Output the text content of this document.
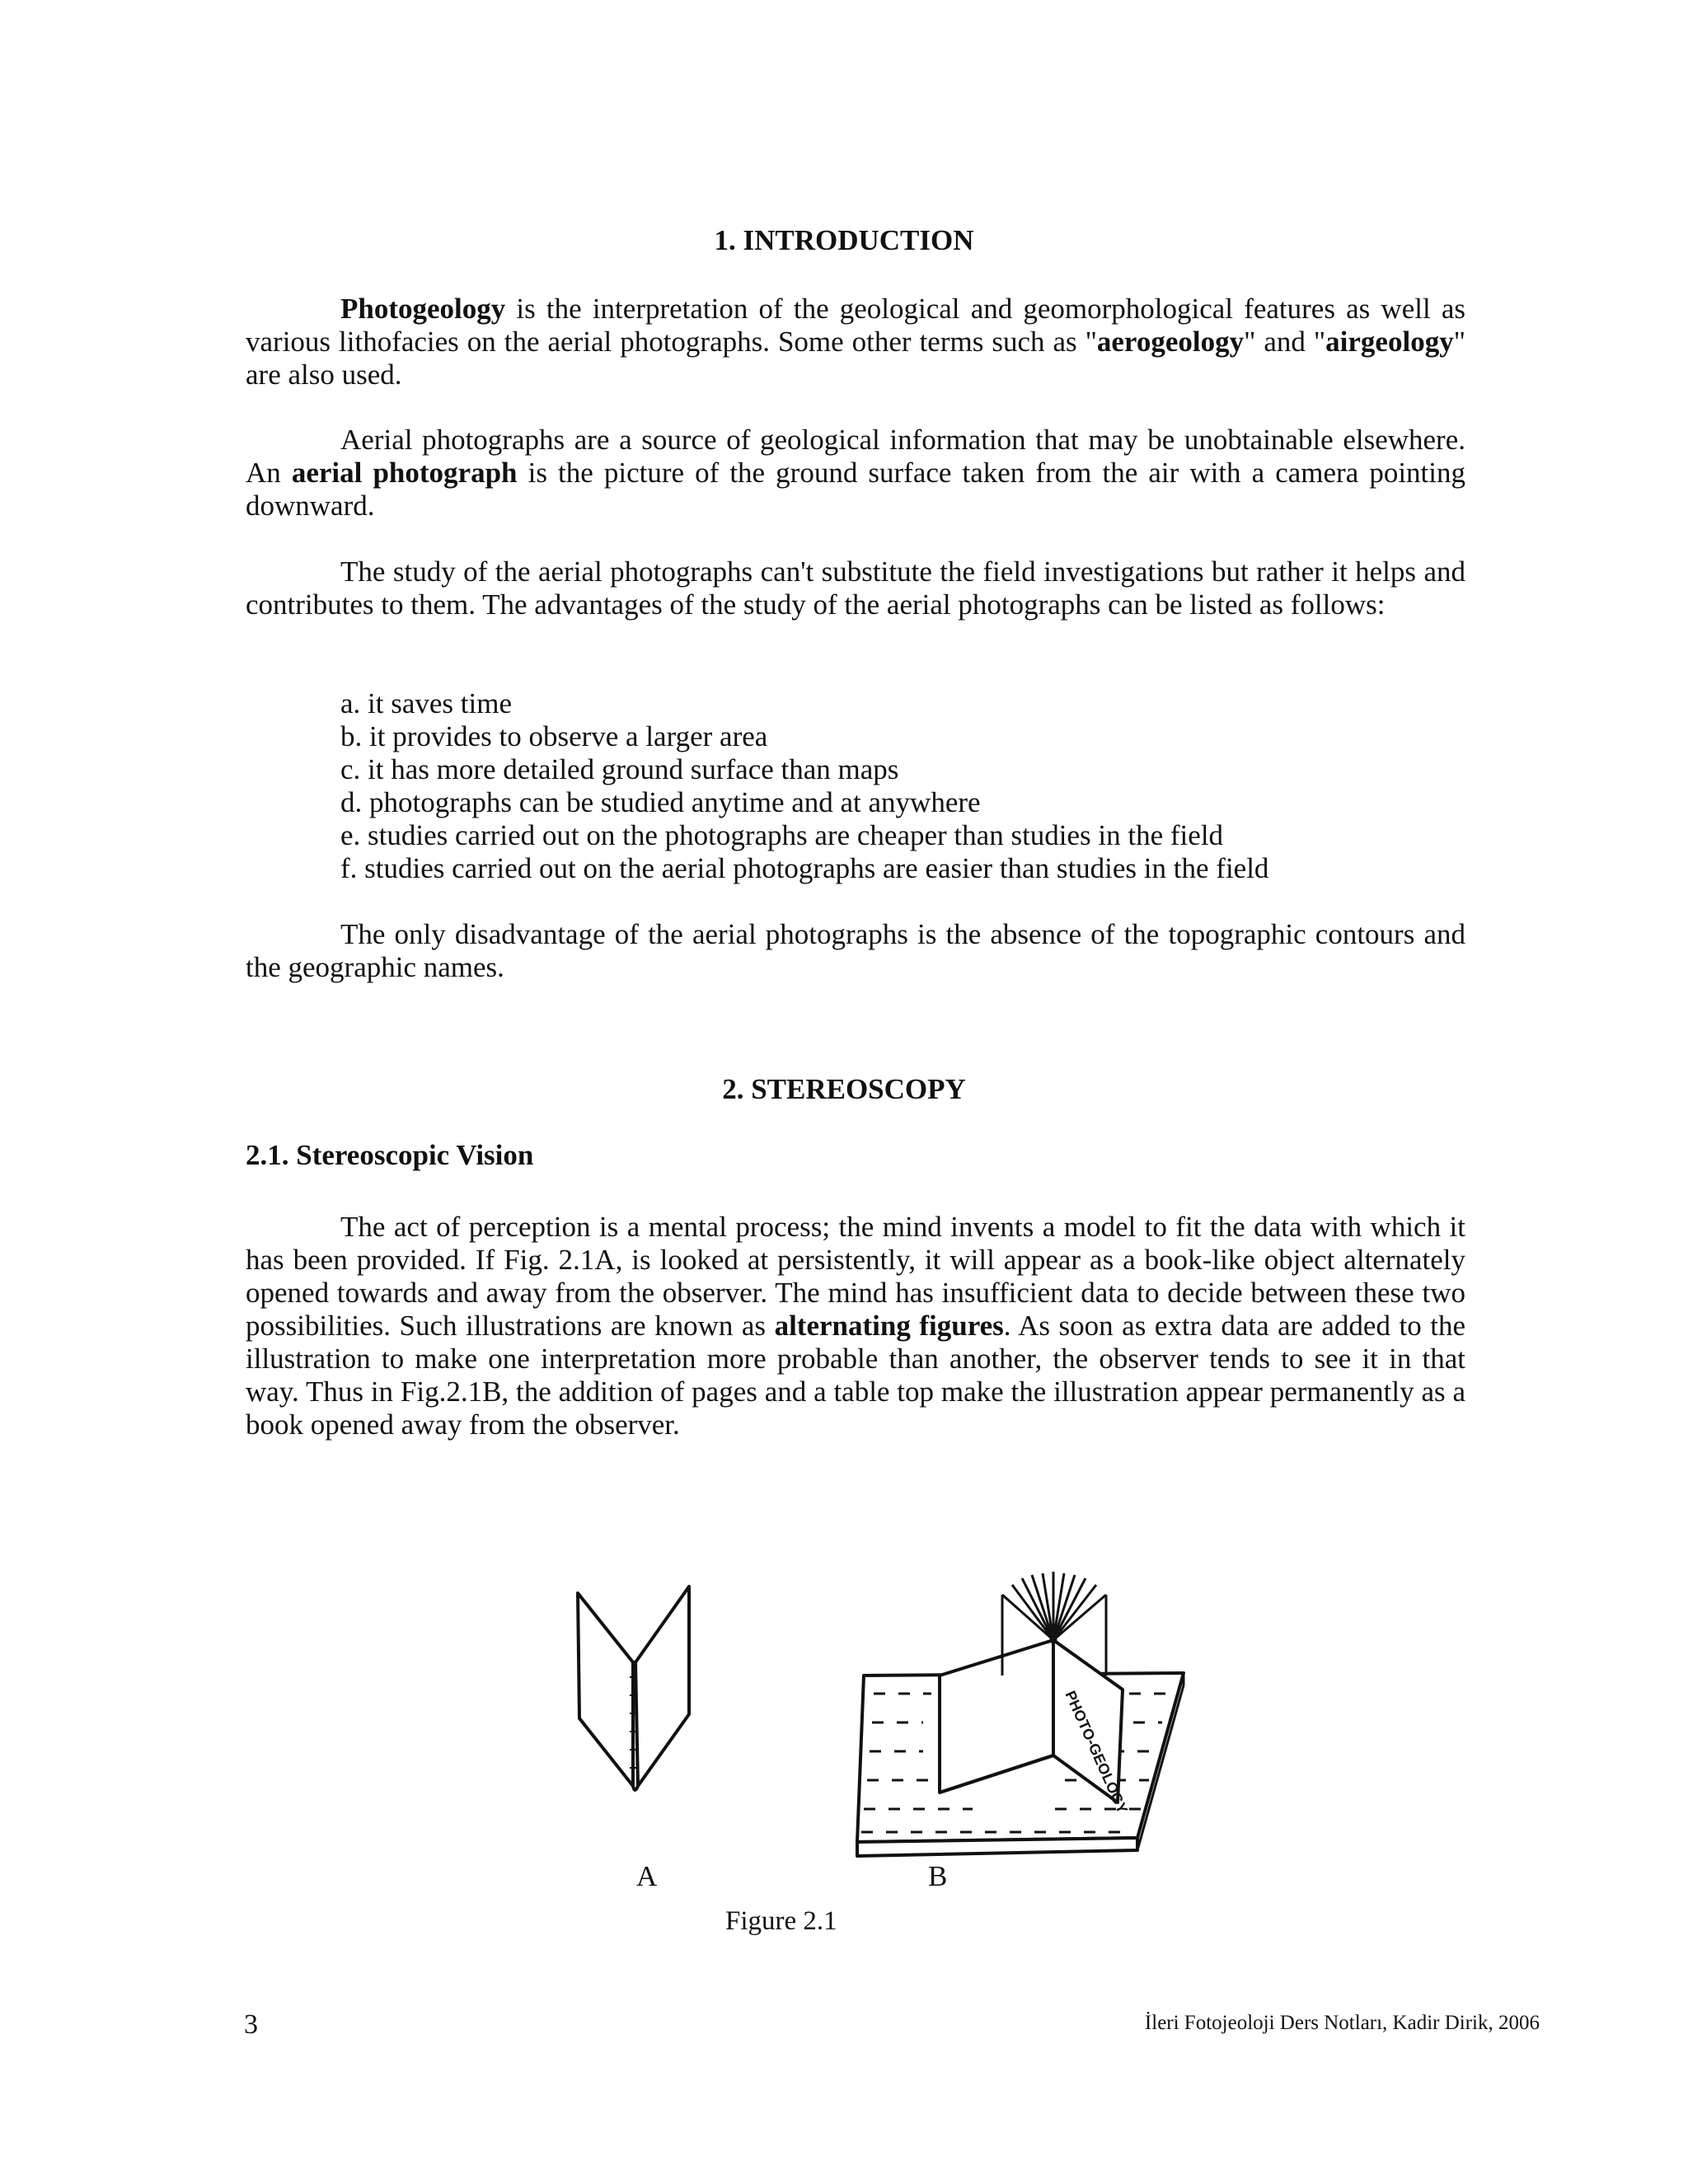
1. INTRODUCTION

Photogeology is the interpretation of the geological and geomorphological features as well as various lithofacies on the aerial photographs. Some other terms such as "aerogeology" and "airgeology" are also used.

Aerial photographs are a source of geological information that may be unobtainable elsewhere. An aerial photograph is the picture of the ground surface taken from the air with a camera pointing downward.

The study of the aerial photographs can't substitute the field investigations but rather it helps and contributes to them. The advantages of the study of the aerial photographs can be listed as follows:

a. it saves time
b. it provides to observe a larger area
c. it has more detailed ground surface than maps
d. photographs can be studied anytime and at anywhere
e. studies carried out on the photographs are cheaper than studies in the field
f. studies carried out on the aerial photographs are easier than studies in the field

The only disadvantage of the aerial photographs is the absence of the topographic contours and the geographic names.

2. STEREOSCOPY
2.1. Stereoscopic Vision

The act of perception is a mental process; the mind invents a model to fit the data with which it has been provided. If Fig. 2.1A, is looked at persistently, it will appear as a book-like object alternately opened towards and away from the observer. The mind has insufficient data to decide between these two possibilities. Such illustrations are known as alternating figures. As soon as extra data are added to the illustration to make one interpretation more probable than another, the observer tends to see it in that way. Thus in Fig.2.1B, the addition of pages and a table top make the illustration appear permanently as a book opened away from the observer.

PHOTO-GEOLOGY
A	B
Figure 2.1
3	İleri Fotojeoloji Ders Notları, Kadir Dirik, 2006
